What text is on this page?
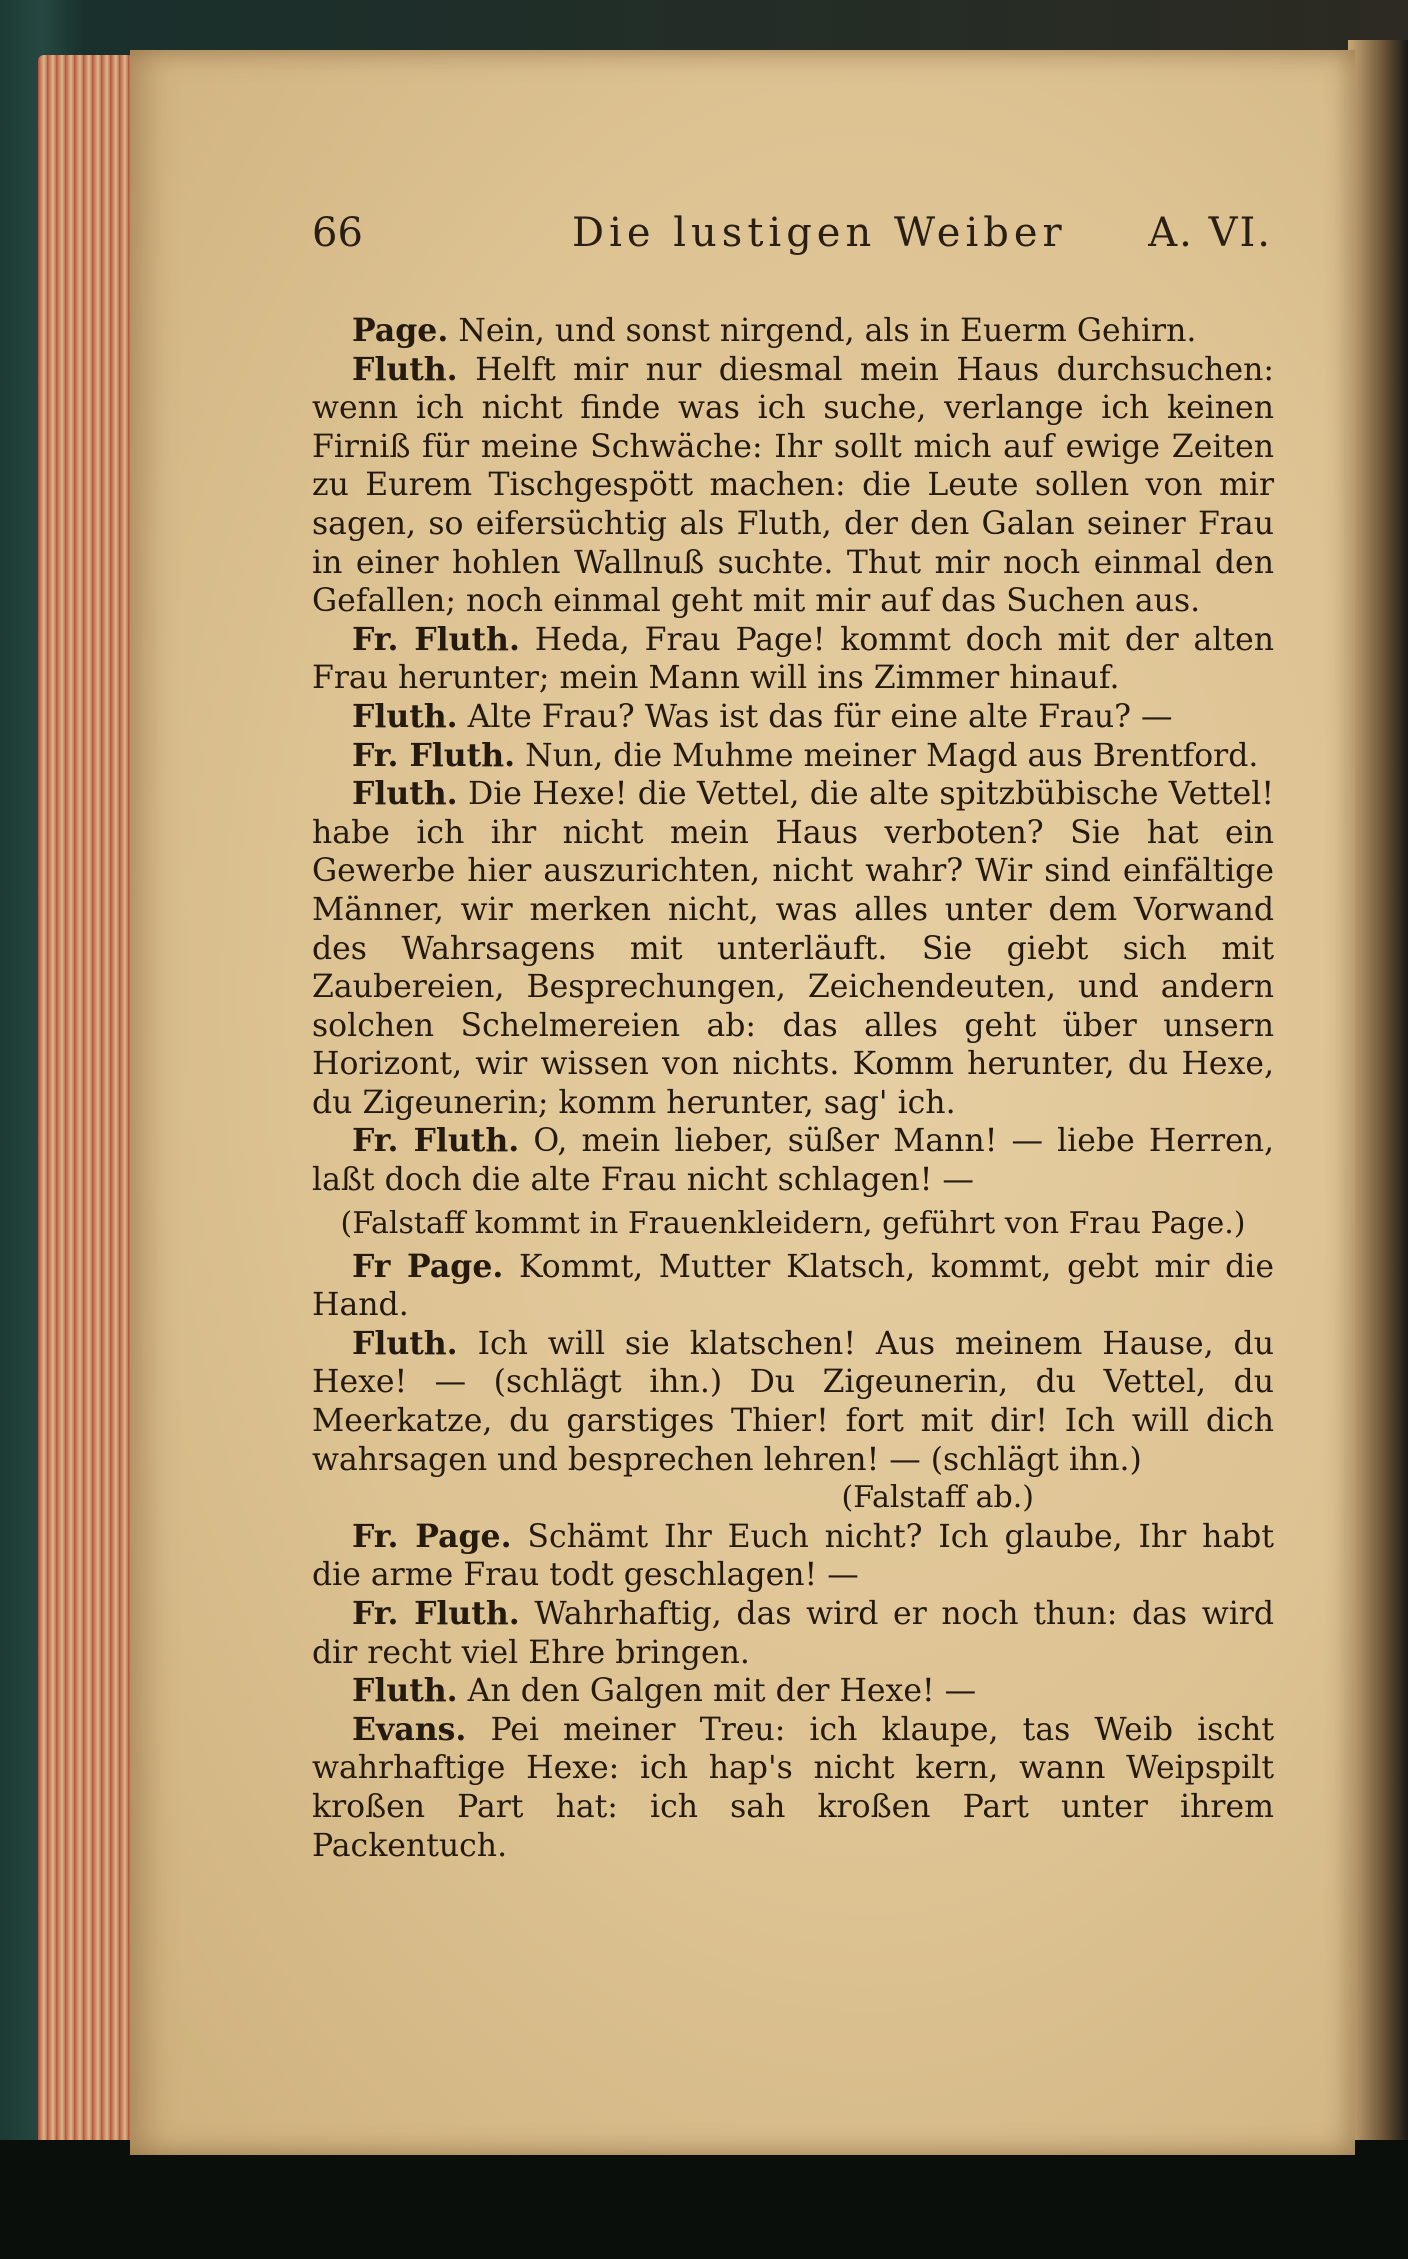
66	Die lustigen Weiber A. VI.

Page. Nein, und sonst nirgend, als in Euerm Gehirn.

Fluth. Helft mir nur diesmal mein Haus durchsuchen: wenn ich nicht finde was ich suche, verlange ich keinen Firniß für meine Schwäche: Ihr sollt mich auf ewige Zeiten zu Eurem Tischgespött machen: die Leute sollen von mir sagen, so eifersüchtig als Fluth, der den Galan seiner Frau in einer hohlen Wallnuß suchte. Thut mir noch einmal den Gefallen; noch einmal geht mit mir auf das Suchen aus.

Fr. Fluth. Heda, Frau Page! kommt doch mit der alten Frau herunter; mein Mann will ins Zimmer hinauf.

Fluth. Alte Frau? Was ist das für eine alte Frau? —

Fr. Fluth. Nun, die Muhme meiner Magd aus Brentford.

Fluth. Die Hexe! die Vettel, die alte spitzbübische Vettel! habe ich ihr nicht mein Haus verboten? Sie hat ein Gewerbe hier auszurichten, nicht wahr? Wir sind einfältige Männer, wir merken nicht, was alles unter dem Vorwand des Wahrsagens mit unterläuft. Sie giebt sich mit Zaubereien, Besprechungen, Zeichendeuten, und andern solchen Schelmereien ab: das alles geht über unsern Horizont, wir wissen von nichts. Komm herunter, du Hexe, du Zigeunerin; komm herunter, sag' ich.

Fr. Fluth. O, mein lieber, süßer Mann! — liebe Herren, laßt doch die alte Frau nicht schlagen! —

(Falstaff kommt in Frauenkleidern, geführt von Frau Page.)

Fr Page. Kommt, Mutter Klatsch, kommt, gebt mir die Hand.

Fluth. Ich will sie klatschen! Aus meinem Hause, du Hexe! — (schlägt ihn.) Du Zigeunerin, du Vettel, du Meerkatze, du garstiges Thier! fort mit dir! Ich will dich wahrsagen und besprechen lehren! — (schlägt ihn.)

(Falstaff ab.)

Fr. Page. Schämt Ihr Euch nicht? Ich glaube, Ihr habt die arme Frau todt geschlagen! —

Fr. Fluth. Wahrhaftig, das wird er noch thun: das wird dir recht viel Ehre bringen.

Fluth. An den Galgen mit der Hexe! —

Evans. Pei meiner Treu: ich klaupe, tas Weib ischt wahrhaftige Hexe: ich hap's nicht kern, wann Weipspilt kroßen Part hat: ich sah kroßen Part unter ihrem Packentuch.
